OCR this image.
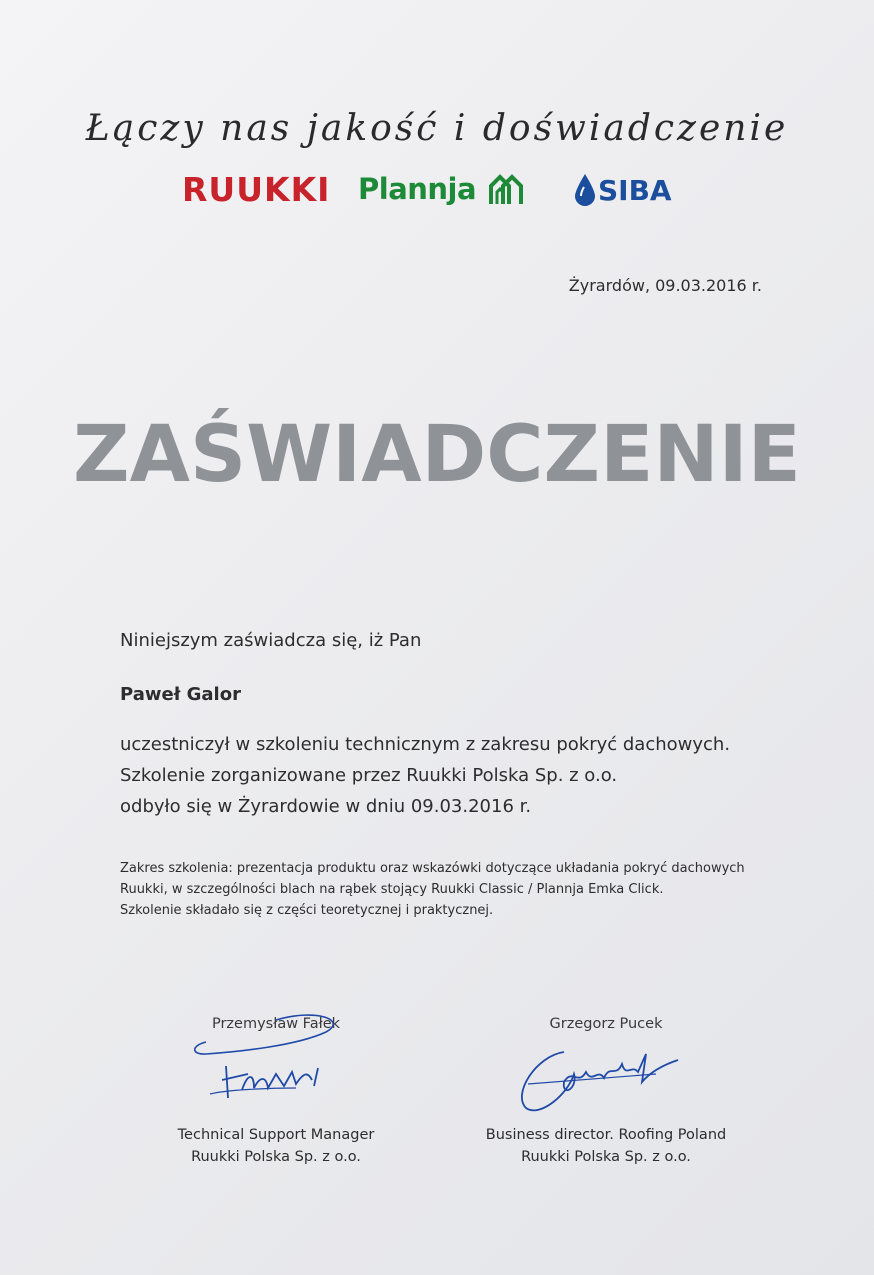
Łączy nas jakość i doświadczenie
RUUKKI Plannja	SIBA
Żyrardów, 09.03.2016 r.
ZAŚWIADCZENIE
Niniejszym zaświadcza się, iż Pan
Paweł Galor
uczestniczył w szkoleniu technicznym z zakresu pokryć dachowych.
Szkolenie zorganizowane przez Ruukki Polska Sp. z o.o.
odbyło się w Żyrardowie w dniu 09.03.2016 r.
Zakres szkolenia: prezentacja produktu oraz wskazówki dotyczące układania pokryć dachowych
Ruukki, w szczególności blach na rąbek stojący Ruukki Classic / Plannja Emka Click.
Szkolenie składało się z części teoretycznej i praktycznej.
Przemysław Fałek
Technical Support Manager
Ruukki Polska Sp. z o.o.
Grzegorz Pucek
Business director. Roofing Poland
Ruukki Polska Sp. z o.o.
